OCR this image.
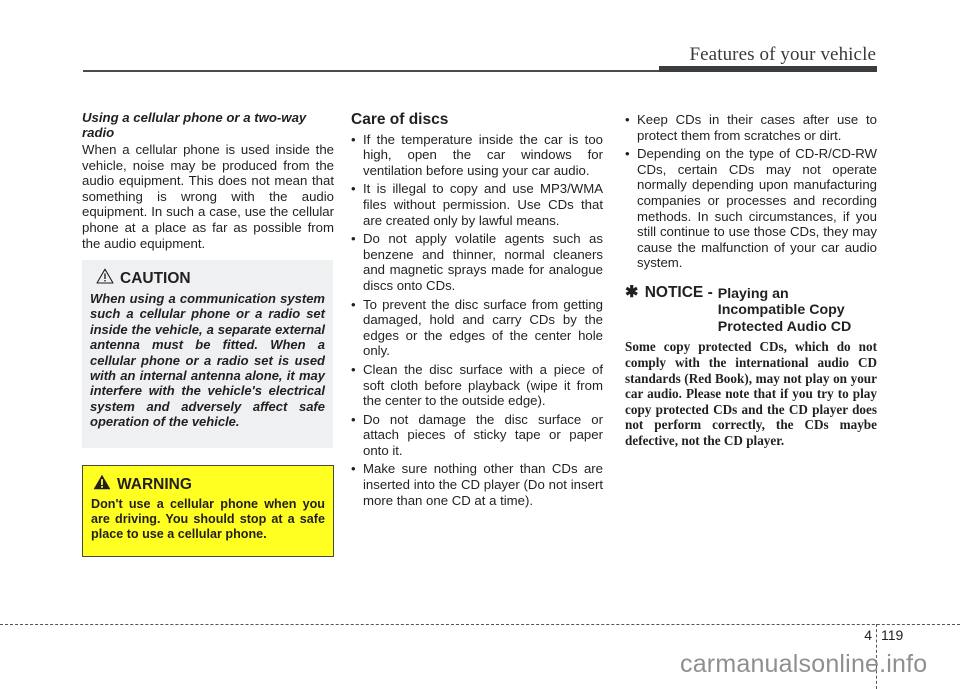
Features of your vehicle
Using a cellular phone or a two-way radio

When a cellular phone is used inside the vehicle, noise may be produced from the audio equipment. This does not mean that something is wrong with the audio equipment. In such a case, use the cellular phone at a place as far as possible from the audio equipment.

CAUTION

When using a communication system such a cellular phone or a radio set inside the vehicle, a separate external antenna must be fitted. When a cellular phone or a radio set is used with an internal antenna alone, it may interfere with the vehicle's electrical system and adversely affect safe operation of the vehicle.

WARNING

Don't use a cellular phone when you are driving. You should stop at a safe place to use a cellular phone.

Care of discs
• If the temperature inside the car is too high, open the car windows for ventilation before using your car audio.
• It is illegal to copy and use MP3/WMA files without permission. Use CDs that are created only by lawful means.
• Do not apply volatile agents such as benzene and thinner, normal cleaners and magnetic sprays made for analogue discs onto CDs.
• To prevent the disc surface from getting damaged, hold and carry CDs by the edges or the edges of the center hole only.
• Clean the disc surface with a piece of soft cloth before playback (wipe it from the center to the outside edge).
• Do not damage the disc surface or attach pieces of sticky tape or paper onto it.
• Make sure nothing other than CDs are inserted into the CD player (Do not insert more than one CD at a time).
• Keep CDs in their cases after use to protect them from scratches or dirt.
• Depending on the type of CD-R/CD-RW CDs, certain CDs may not operate normally depending upon manufacturing companies or processes and recording methods. In such circumstances, if you still continue to use those CDs, they may cause the malfunction of your car audio system.
✱ NOTICE - Playing an
Incompatible Copy
Protected Audio CD

Some copy protected CDs, which do not comply with the international audio CD standards (Red Book), may not play on your car audio. Please note that if you try to play copy protected CDs and the CD player does not perform correctly, the CDs maybe defective, not the CD player.

4 119
carmanualsonline.info
